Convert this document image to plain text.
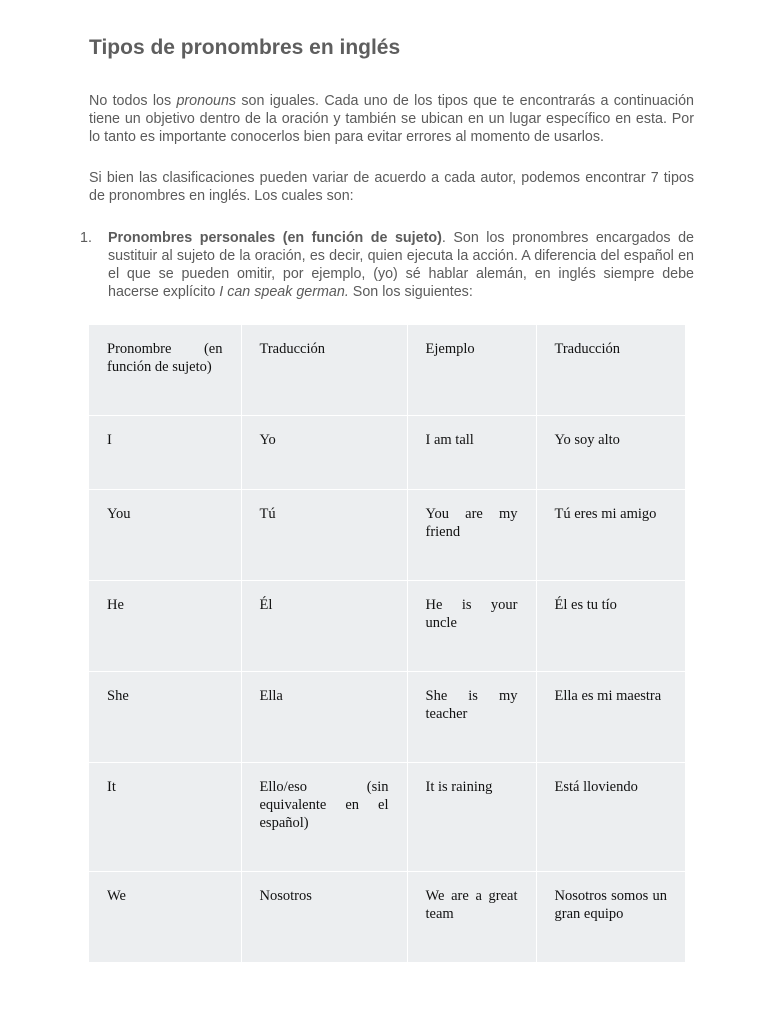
Tipos de pronombres en inglés

No todos los pronouns son iguales. Cada uno de los tipos que te encontrarás a continuación tiene un objetivo dentro de la oración y también se ubican en un lugar específico en esta. Por lo tanto es importante conocerlos bien para evitar errores al momento de usarlos.

Si bien las clasificaciones pueden variar de acuerdo a cada autor, podemos encontrar 7 tipos de pronombres en inglés. Los cuales son:

1.	Pronombres personales (en función de sujeto). Son los pronombres encargados de sustituir al sujeto de la oración, es decir, quien ejecuta la acción. A diferencia del español en el que se pueden omitir, por ejemplo, (yo) sé hablar alemán, en inglés siempre debe hacerse explícito I can speak german. Son los siguientes:
Pronombre (en función de sujeto)	Traducción	Ejemplo	Traducción
I	Yo	I am tall	Yo soy alto
You	Tú	You are my friend	Tú eres mi amigo
He	Él	He is your uncle	Él es tu tío
She	Ella	She is my teacher	Ella es mi maestra
It	Ello/eso (sin equivalente en el español)	It is raining	Está lloviendo
We	Nosotros	We are a great team	Nosotros somos un gran equipo
